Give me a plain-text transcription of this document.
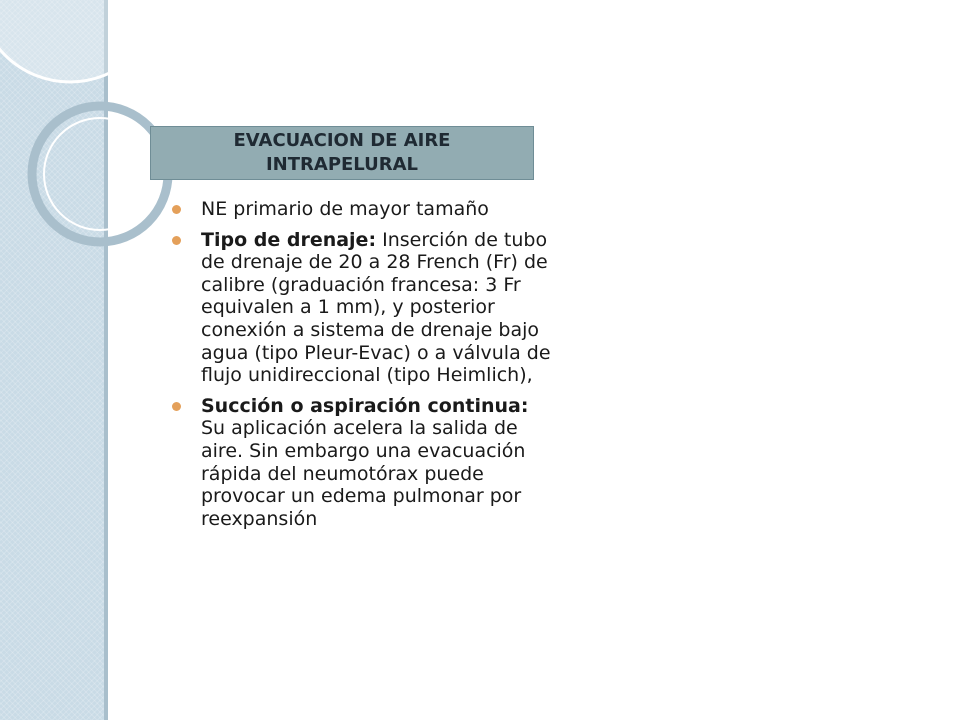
EVACUACION DE AIRE INTRAPELURAL
NE primario de mayor tamaño
Tipo de drenaje: Inserción de tubo de drenaje de 20 a 28 French (Fr) de calibre (graduación francesa: 3 Fr equivalen a 1 mm), y posterior conexión a sistema de drenaje bajo agua (tipo Pleur-Evac) o a válvula de flujo unidireccional (tipo Heimlich),
Succión o aspiración continua: Su aplicación acelera la salida de aire. Sin embargo una evacuación rápida del neumotórax puede provocar un edema pulmonar por reexpansión
